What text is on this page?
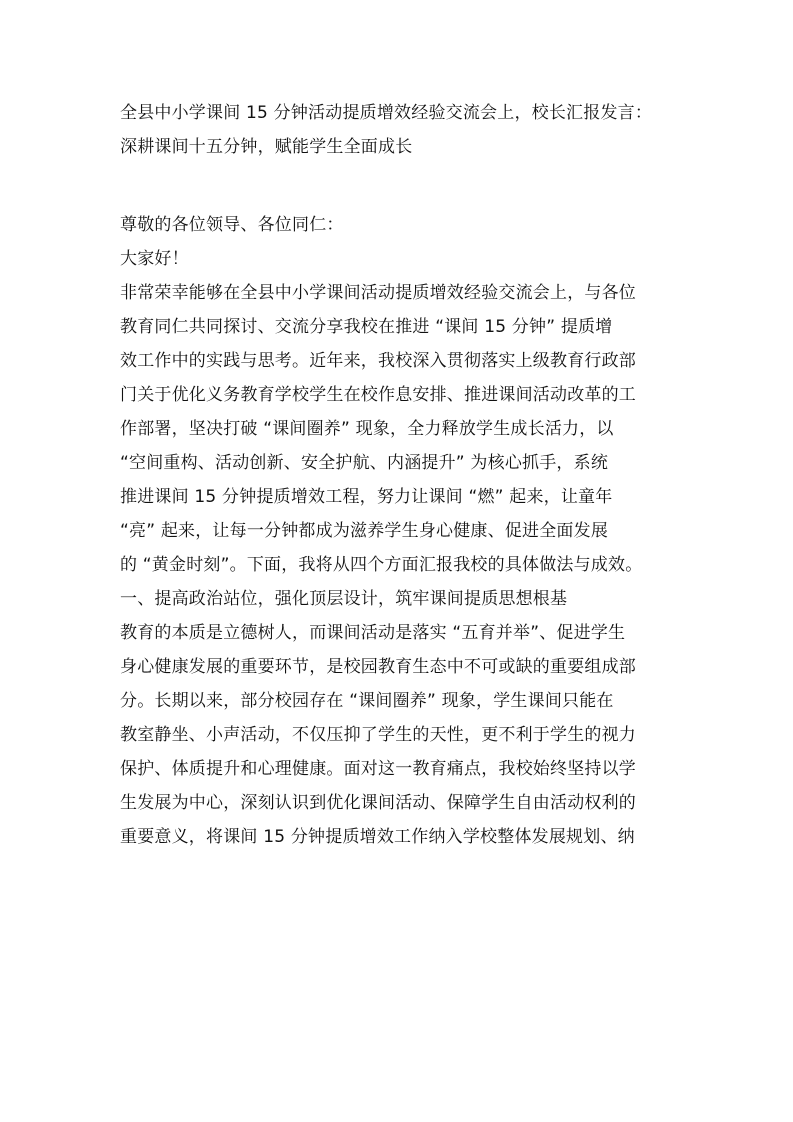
全县中小学课间 15 分钟活动提质增效经验交流会上，校长汇报发言：
深耕课间十五分钟，赋能学生全面成长
尊敬的各位领导、各位同仁：
大家好！
非常荣幸能够在全县中小学课间活动提质增效经验交流会上，与各位
教育同仁共同探讨、交流分享我校在推进 “课间 15 分钟” 提质增
效工作中的实践与思考。近年来，我校深入贯彻落实上级教育行政部
门关于优化义务教育学校学生在校作息安排、推进课间活动改革的工
作部署，坚决打破 “课间圈养” 现象，全力释放学生成长活力，以
“空间重构、活动创新、安全护航、内涵提升” 为核心抓手，系统
推进课间 15 分钟提质增效工程，努力让课间 “燃” 起来，让童年
“亮” 起来，让每一分钟都成为滋养学生身心健康、促进全面发展
的 “黄金时刻”。下面，我将从四个方面汇报我校的具体做法与成效。
一、提高政治站位，强化顶层设计，筑牢课间提质思想根基
教育的本质是立德树人，而课间活动是落实 “五育并举”、促进学生
身心健康发展的重要环节，是校园教育生态中不可或缺的重要组成部
分。长期以来，部分校园存在 “课间圈养” 现象，学生课间只能在
教室静坐、小声活动，不仅压抑了学生的天性，更不利于学生的视力
保护、体质提升和心理健康。面对这一教育痛点，我校始终坚持以学
生发展为中心，深刻认识到优化课间活动、保障学生自由活动权利的
重要意义，将课间 15 分钟提质增效工作纳入学校整体发展规划、纳
